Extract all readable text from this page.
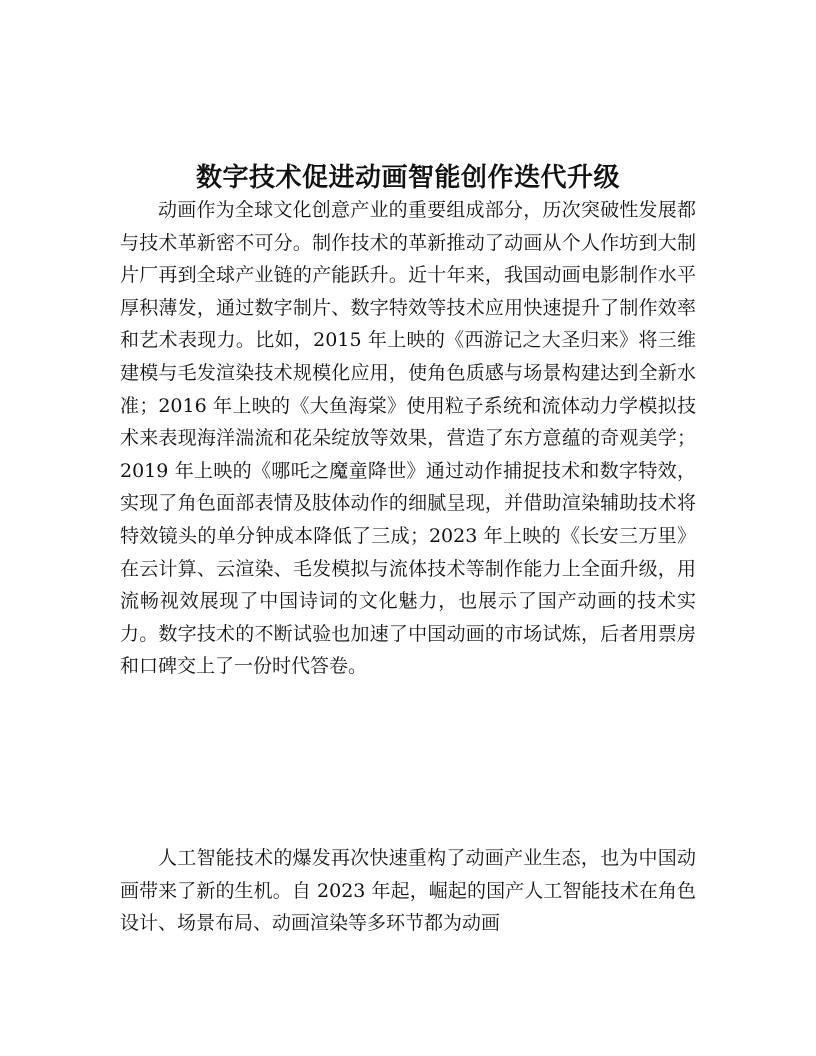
数字技术促进动画智能创作迭代升级

动画作为全球文化创意产业的重要组成部分，历次突破性发展都与技术革新密不可分。制作技术的革新推动了动画从个人作坊到大制片厂再到全球产业链的产能跃升。近十年来，我国动画电影制作水平厚积薄发，通过数字制片、数字特效等技术应用快速提升了制作效率和艺术表现力。比如，2015 年上映的《西游记之大圣归来》将三维建模与毛发渲染技术规模化应用，使角色质感与场景构建达到全新水准；2016 年上映的《大鱼海棠》使用粒子系统和流体动力学模拟技术来表现海洋湍流和花朵绽放等效果，营造了东方意蕴的奇观美学；2019 年上映的《哪吒之魔童降世》通过动作捕捉技术和数字特效，实现了角色面部表情及肢体动作的细腻呈现，并借助渲染辅助技术将特效镜头的单分钟成本降低了三成；2023 年上映的《长安三万里》在云计算、云渲染、毛发模拟与流体技术等制作能力上全面升级，用流畅视效展现了中国诗词的文化魅力，也展示了国产动画的技术实力。数字技术的不断试验也加速了中国动画的市场试炼，后者用票房和口碑交上了一份时代答卷。

人工智能技术的爆发再次快速重构了动画产业生态，也为中国动画带来了新的生机。自 2023 年起，崛起的国产人工智能技术在角色设计、场景布局、动画渲染等多环节都为动画
